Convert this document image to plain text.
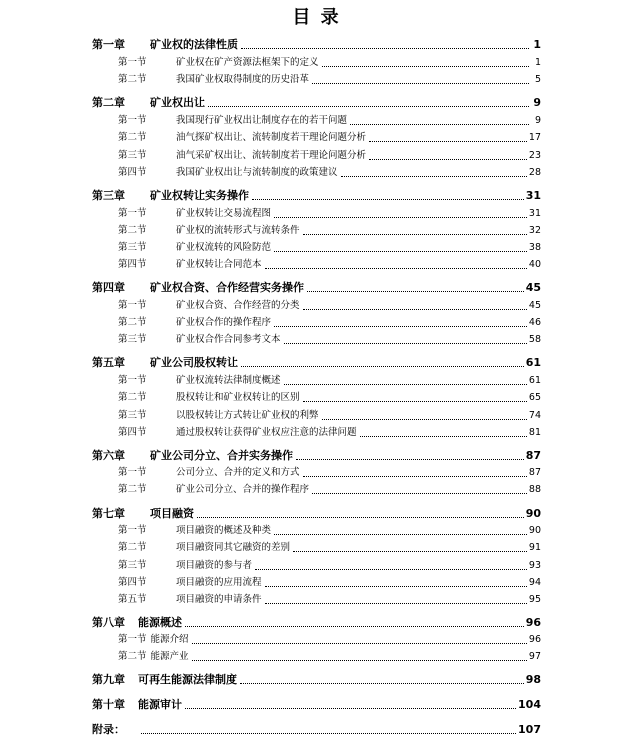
目 录
第一章	矿业权的法律性质	1
第一节	矿业权在矿产资源法框架下的定义	1
第二节	我国矿业权取得制度的历史沿革	5
第二章	矿业权出让	9
第一节	我国现行矿业权出让制度存在的若干问题	9
第二节	油气探矿权出让、流转制度若干理论问题分析	17
第三节	油气采矿权出让、流转制度若干理论问题分析	23
第四节	我国矿业权出让与流转制度的政策建议	28
第三章	矿业权转让实务操作	31
第一节	矿业权转让交易流程图	31
第二节	矿业权的流转形式与流转条件	32
第三节	矿业权流转的风险防范	38
第四节	矿业权转让合同范本	40
第四章	矿业权合资、合作经营实务操作	45
第一节	矿业权合资、合作经营的分类	45
第二节	矿业权合作的操作程序	46
第三节	矿业权合作合同参考文本	58
第五章	矿业公司股权转让	61
第一节	矿业权流转法律制度概述	61
第二节	股权转让和矿业权转让的区别	65
第三节	以股权转让方式转让矿业权的利弊	74
第四节	通过股权转让获得矿业权应注意的法律问题	81
第六章	矿业公司分立、合并实务操作	87
第一节	公司分立、合并的定义和方式	87
第二节	矿业公司分立、合并的操作程序	88
第七章	项目融资	90
第一节	项目融资的概述及种类	90
第二节	项目融资同其它融资的差别	91
第三节	项目融资的参与者	93
第四节	项目融资的应用流程	94
第五节	项目融资的申请条件	95
第八章	能源概述	96
第一节 能源介绍	96
第二节 能源产业	97
第九章	可再生能源法律制度	98
第十章	能源审计	104
附录：	107
